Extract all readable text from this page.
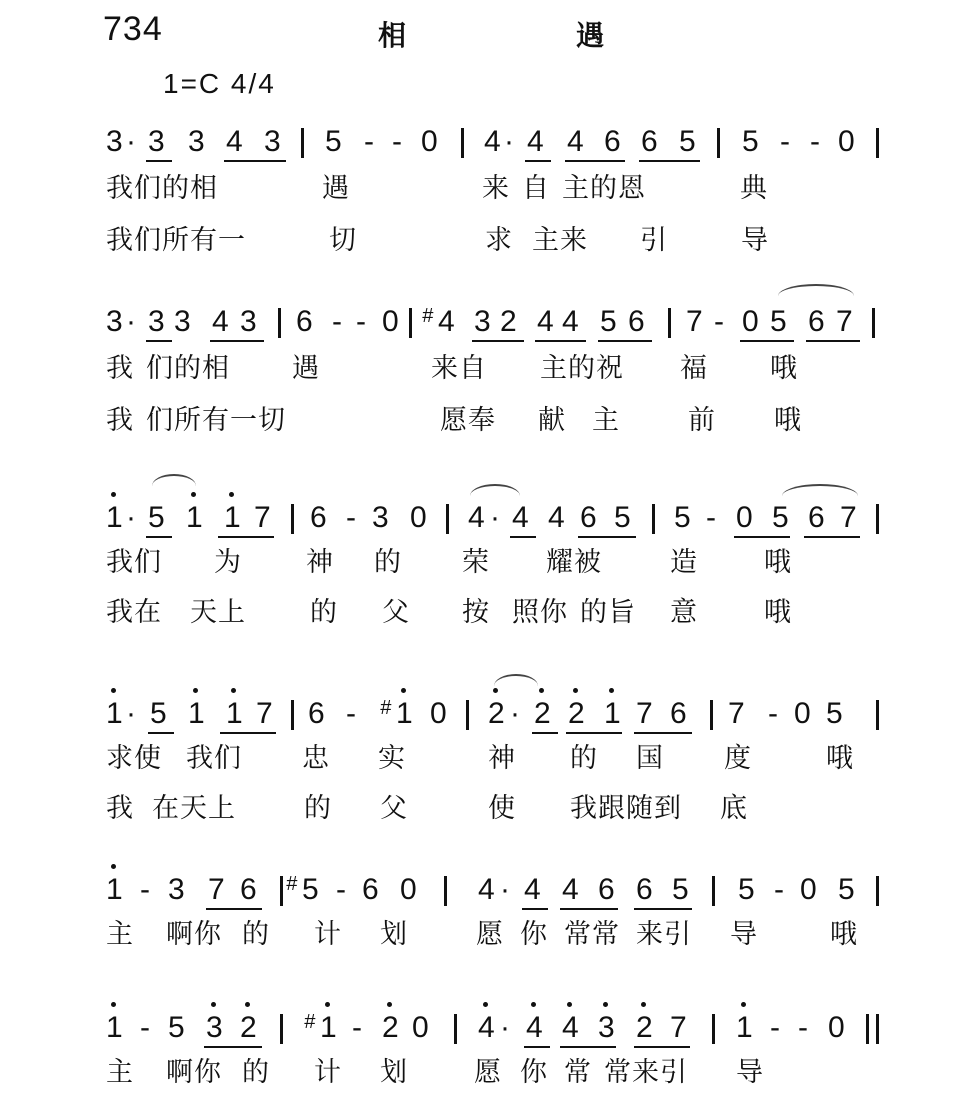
734	相	遇
1=C 4/4
3 · 3 3 4 3 5 - - 0 4 · 4 4 6 6 5 5 - - 0
我们的相	遇	来 自 主的恩	典
我们所有一	切	求 主来 引	导
3 · 3 3 4 3 6 - - 0 4
# 3 2 4 4 5 6 7 - 0 5 6 7
我 们的相 遇	来自 主的祝 福 哦
我 们所有一切	愿奉 献 主	前 哦
1 · 5 1 1 7 6 - 3 0 4 · 4 4 6 5 5 - 0 5 6 7
我们 为 神 的 荣 耀被	造 哦
我在 天上 的 父 按 照你 的旨 意 哦
1 · 5 1 1 7 6 - 1
# 0 2 · 2 2 1 7 6 7 - 0 5
求使 我们 忠 实	神 的 国 度	哦
我 在天上	的 父	使 我跟随到 底
1 - 3 7 6 5
# - 6 0 4 · 4 4 6 6 5 5 - 0 5
主 啊你 的 计 划	愿 你 常常 来引 导	哦
1 - 5 3 2 1
# - 2 0 4 · 4 4 3 2 7 1 - - 0
主 啊你 的 计 划 愿 你 常 常来引 导
